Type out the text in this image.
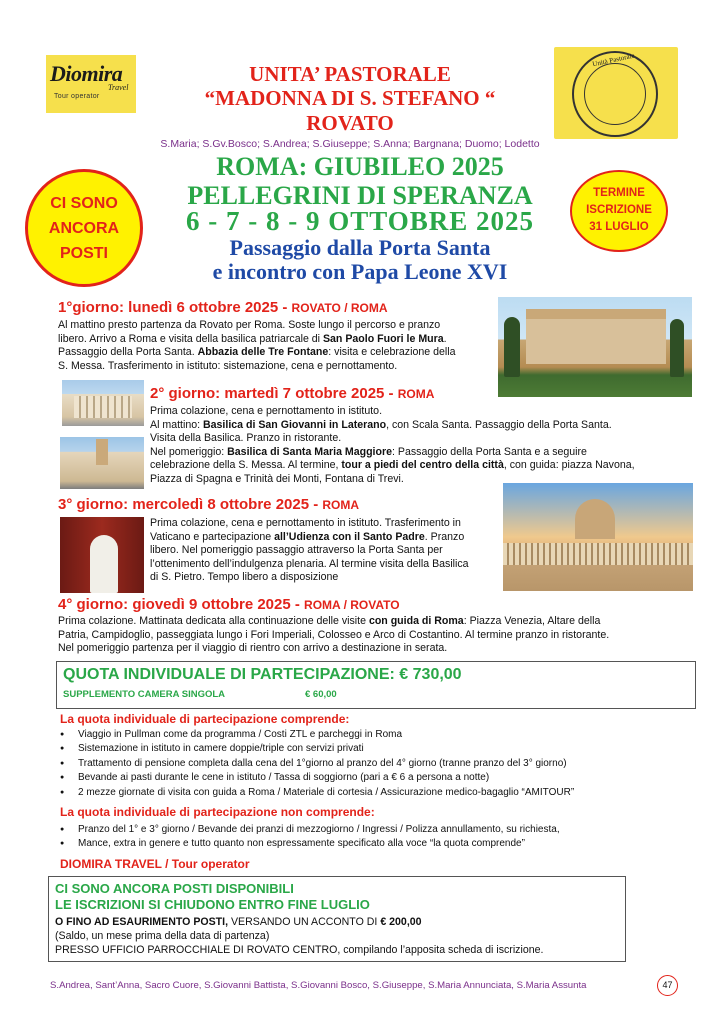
Diomira
Travel
Tour operator
Unità Pastorale
UNITA’ PASTORALE
“MADONNA DI S. STEFANO “
ROVATO
S.Maria; S.Gv.Bosco; S.Andrea; S.Giuseppe; S.Anna; Bargnana; Duomo; Lodetto
CI SONO
ANCORA
POSTI
ROMA: GIUBILEO 2025
PELLEGRINI DI SPERANZA
6 - 7 - 8 - 9 OTTOBRE 2025
Passaggio dalla Porta Santa
e incontro con Papa Leone XVI
TERMINE
ISCRIZIONE
31 LUGLIO
1°giorno: lunedì 6 ottobre 2025 - ROVATO / ROMA
Al mattino presto partenza da Rovato per Roma. Soste lungo il percorso e pranzo
libero. Arrivo a Roma e visita della basilica patriarcale di San Paolo Fuori le Mura.
Passaggio della Porta Santa. Abbazia delle Tre Fontane: visita e celebrazione della
S. Messa. Trasferimento in istituto: sistemazione, cena e pernottamento.
2° giorno: martedì 7 ottobre 2025 - ROMA
Prima colazione, cena e pernottamento in istituto.
Al mattino: Basilica di San Giovanni in Laterano, con Scala Santa. Passaggio della Porta Santa.
Visita della Basilica. Pranzo in ristorante.
Nel pomeriggio: Basilica di Santa Maria Maggiore: Passaggio della Porta Santa e a seguire
celebrazione della S. Messa. Al termine, tour a piedi del centro della città, con guida: piazza Navona,
Piazza di Spagna e Trinità dei Monti, Fontana di Trevi.
3° giorno: mercoledì 8 ottobre 2025 - ROMA
Prima colazione, cena e pernottamento in istituto. Trasferimento in
Vaticano e partecipazione all’Udienza con il Santo Padre. Pranzo
libero. Nel pomeriggio passaggio attraverso la Porta Santa per
l’ottenimento dell’indulgenza plenaria. Al termine visita della Basilica
di S. Pietro. Tempo libero a disposizione
4° giorno: giovedì 9 ottobre 2025 - ROMA / ROVATO
Prima colazione. Mattinata dedicata alla continuazione delle visite con guida di Roma: Piazza Venezia, Altare della
Patria, Campidoglio, passeggiata lungo i Fori Imperiali, Colosseo e Arco di Costantino. Al termine pranzo in ristorante.
Nel pomeriggio partenza per il viaggio di rientro con arrivo a destinazione in serata.
QUOTA INDIVIDUALE DI PARTECIPAZIONE: € 730,00
SUPPLEMENTO CAMERA SINGOLA	€ 60,00
La quota individuale di partecipazione comprende:
● Viaggio in Pullman come da programma / Costi ZTL e parcheggi in Roma
● Sistemazione in istituto in camere doppie/triple con servizi privati
● Trattamento di pensione completa dalla cena del 1°giorno al pranzo del 4° giorno (tranne pranzo del 3° giorno)
● Bevande ai pasti durante le cene in istituto / Tassa di soggiorno (pari a € 6 a persona a notte)
● 2 mezze giornate di visita con guida a Roma / Materiale di cortesia / Assicurazione medico-bagaglio “AMITOUR”
La quota individuale di partecipazione non comprende:
● Pranzo del 1° e 3° giorno / Bevande dei pranzi di mezzogiorno / Ingressi / Polizza annullamento, su richiesta,
● Mance, extra in genere e tutto quanto non espressamente specificato alla voce “la quota comprende”
DIOMIRA TRAVEL / Tour operator
CI SONO ANCORA POSTI DISPONIBILI
LE ISCRIZIONI SI CHIUDONO ENTRO FINE LUGLIO
O FINO AD ESAURIMENTO POSTI, VERSANDO UN ACCONTO DI € 200,00
(Saldo, un mese prima della data di partenza)
PRESSO UFFICIO PARROCCHIALE DI ROVATO CENTRO, compilando l’apposita scheda di iscrizione.
S.Andrea, Sant’Anna, Sacro Cuore, S.Giovanni Battista, S.Giovanni Bosco, S.Giuseppe, S.Maria Annunciata, S.Maria Assunta	47
